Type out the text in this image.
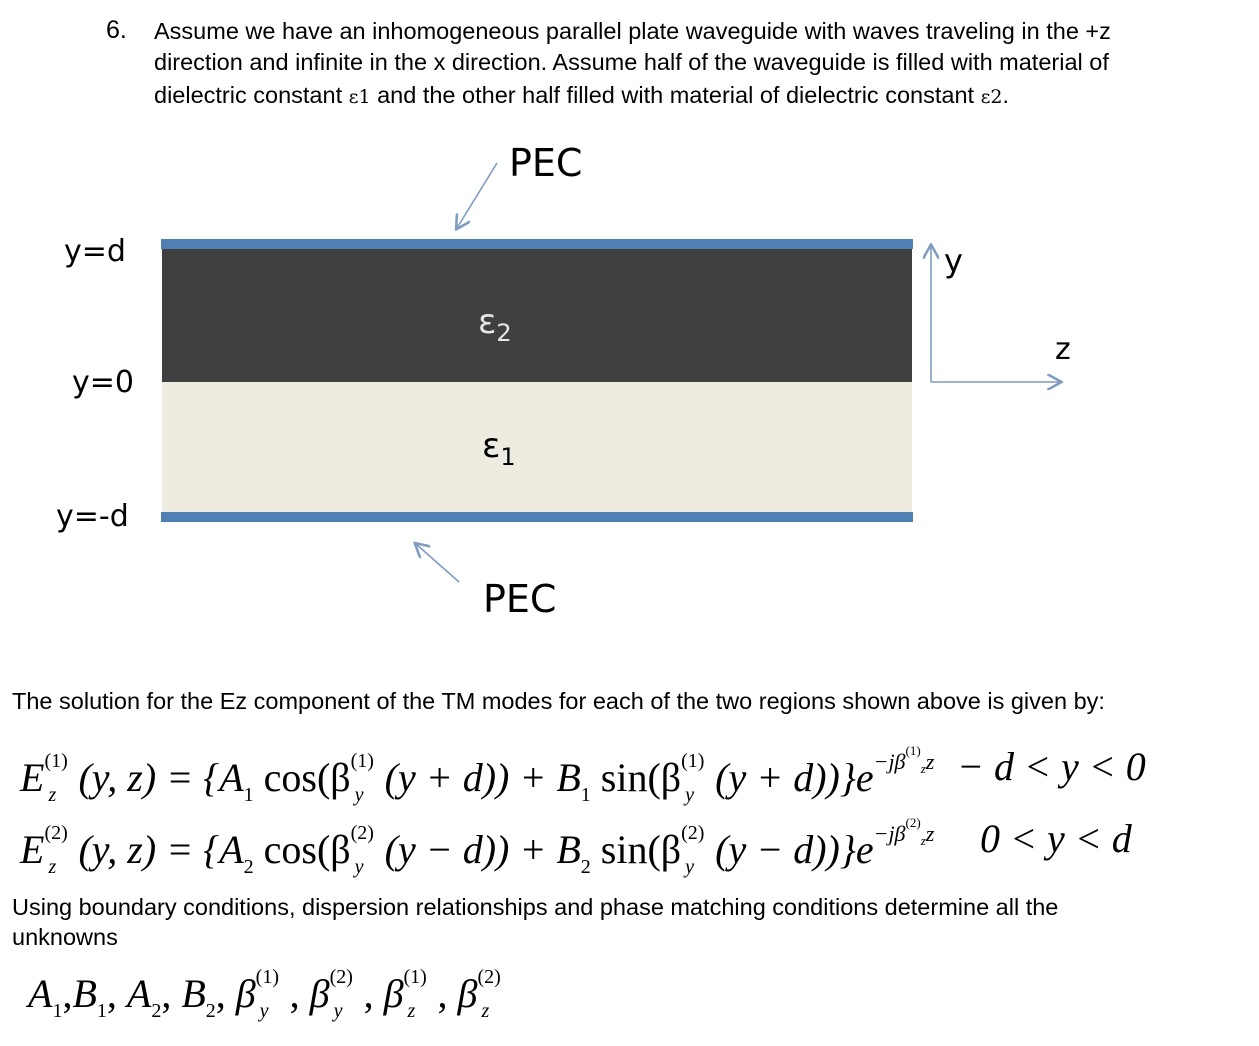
6. Assume we have an inhomogeneous parallel plate waveguide with waves traveling in the +z
direction and infinite in the x direction. Assume half of the waveguide is filled with material of
dielectric constant ε1 and the other half filled with material of dielectric constant ε2.
PEC
PEC
y=d
y=0
y=-d
$\varepsilon_2$
$\varepsilon_1$
y
z
The solution for the Ez component of the TM modes for each of the two regions shown above is given by:
E (1)
z (y, $z) = \{A_1$ cos(β (1)
y $(y + d)) + B_1$ sin(β (1)
y $(y + d))\}e^{-j\beta^{(1)}zz} - d < y < 0$
E (2)
z (y, $z) = \{A_2$ cos(β (2)
y $(y - d)) + B_2$ sin(β (2)
y $(y - d))\}e^{-j\beta^{(2)}zz}$ 0 < y < d
Using boundary conditions, dispersion relationships and phase matching conditions determine all the
unknowns
$A_1,B_1$, $A_2$, $B_2$, β (1)
y , β (2)
y , β (1)
z , β (2)
z
